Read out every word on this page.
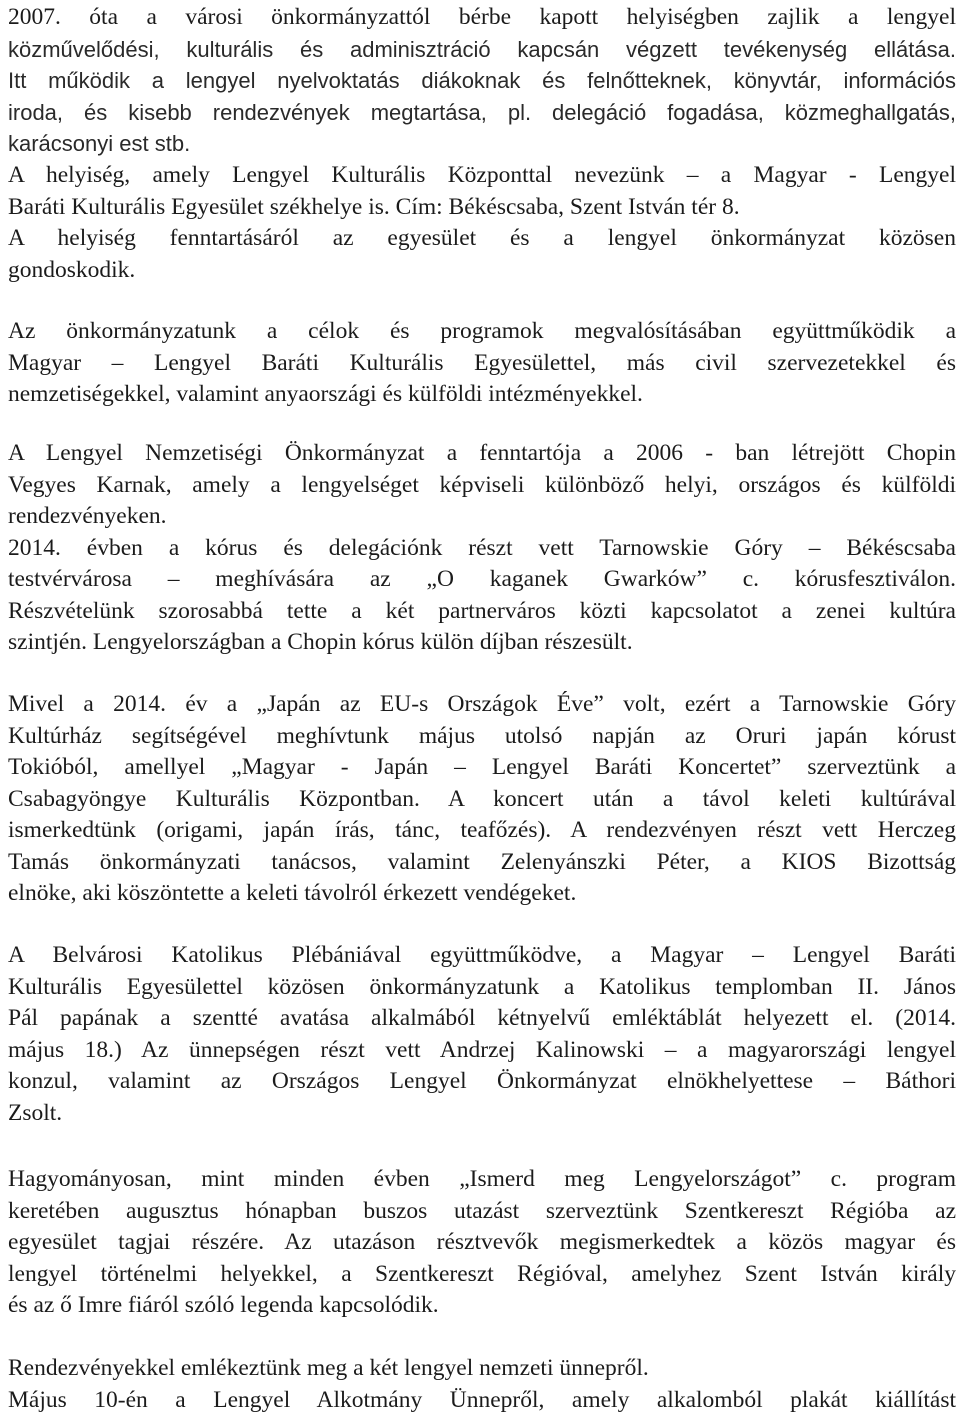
2007. óta a városi önkormányzattól bérbe kapott helyiségben zajlik a lengyel
közművelődési, kulturális és adminisztráció kapcsán végzett tevékenység ellátása.
Itt működik a lengyel nyelvoktatás diákoknak és felnőtteknek, könyvtár, információs
iroda, és kisebb rendezvények megtartása, pl. delegáció fogadása, közmeghallgatás,
karácsonyi est stb.
A helyiség, amely Lengyel Kulturális Központtal nevezünk – a Magyar - Lengyel
Baráti Kulturális Egyesület székhelye is. Cím: Békéscsaba, Szent István tér 8.
A helyiség fenntartásáról az egyesület és a lengyel önkormányzat közösen
gondoskodik.
Az önkormányzatunk a célok és programok megvalósításában együttműködik a
Magyar – Lengyel Baráti Kulturális Egyesülettel, más civil szervezetekkel és
nemzetiségekkel, valamint anyaországi és külföldi intézményekkel.
A Lengyel Nemzetiségi Önkormányzat a fenntartója a 2006 - ban létrejött Chopin
Vegyes Karnak, amely a lengyelséget képviseli különböző helyi, országos és külföldi
rendezvényeken.
2014. évben a kórus és delegációnk részt vett Tarnowskie Góry – Békéscsaba
testvérvárosa – meghívására az „O kaganek Gwarków” c. kórusfesztiválon.
Részvételünk szorosabbá tette a két partnerváros közti kapcsolatot a zenei kultúra
szintjén. Lengyelországban a Chopin kórus külön díjban részesült.
Mivel a 2014. év a „Japán az EU-s Országok Éve” volt, ezért a Tarnowskie Góry
Kultúrház segítségével meghívtunk május utolsó napján az Oruri japán kórust
Tokióból, amellyel „Magyar - Japán – Lengyel Baráti Koncertet” szerveztünk a
Csabagyöngye Kulturális Központban. A koncert után a távol keleti kultúrával
ismerkedtünk (origami, japán írás, tánc, teafőzés). A rendezvényen részt vett Herczeg
Tamás önkormányzati tanácsos, valamint Zelenyánszki Péter, a KIOS Bizottság
elnöke, aki köszöntette a keleti távolról érkezett vendégeket.
A Belvárosi Katolikus Plébániával együttműködve, a Magyar – Lengyel Baráti
Kulturális Egyesülettel közösen önkormányzatunk a Katolikus templomban II. János
Pál papának a szentté avatása alkalmából kétnyelvű emléktáblát helyezett el. (2014.
május 18.) Az ünnepségen részt vett Andrzej Kalinowski – a magyarországi lengyel
konzul, valamint az Országos Lengyel Önkormányzat elnökhelyettese – Báthori
Zsolt.
Hagyományosan, mint minden évben „Ismerd meg Lengyelországot” c. program
keretében augusztus hónapban buszos utazást szerveztünk Szentkereszt Régióba az
egyesület tagjai részére. Az utazáson résztvevők megismerkedtek a közös magyar és
lengyel történelmi helyekkel, a Szentkereszt Régióval, amelyhez Szent István király
és az ő Imre fiáról szóló legenda kapcsolódik.
Rendezvényekkel emlékeztünk meg a két lengyel nemzeti ünnepről.
Május 10-én a Lengyel Alkotmány Ünnepről, amely alkalomból plakát kiállítást
